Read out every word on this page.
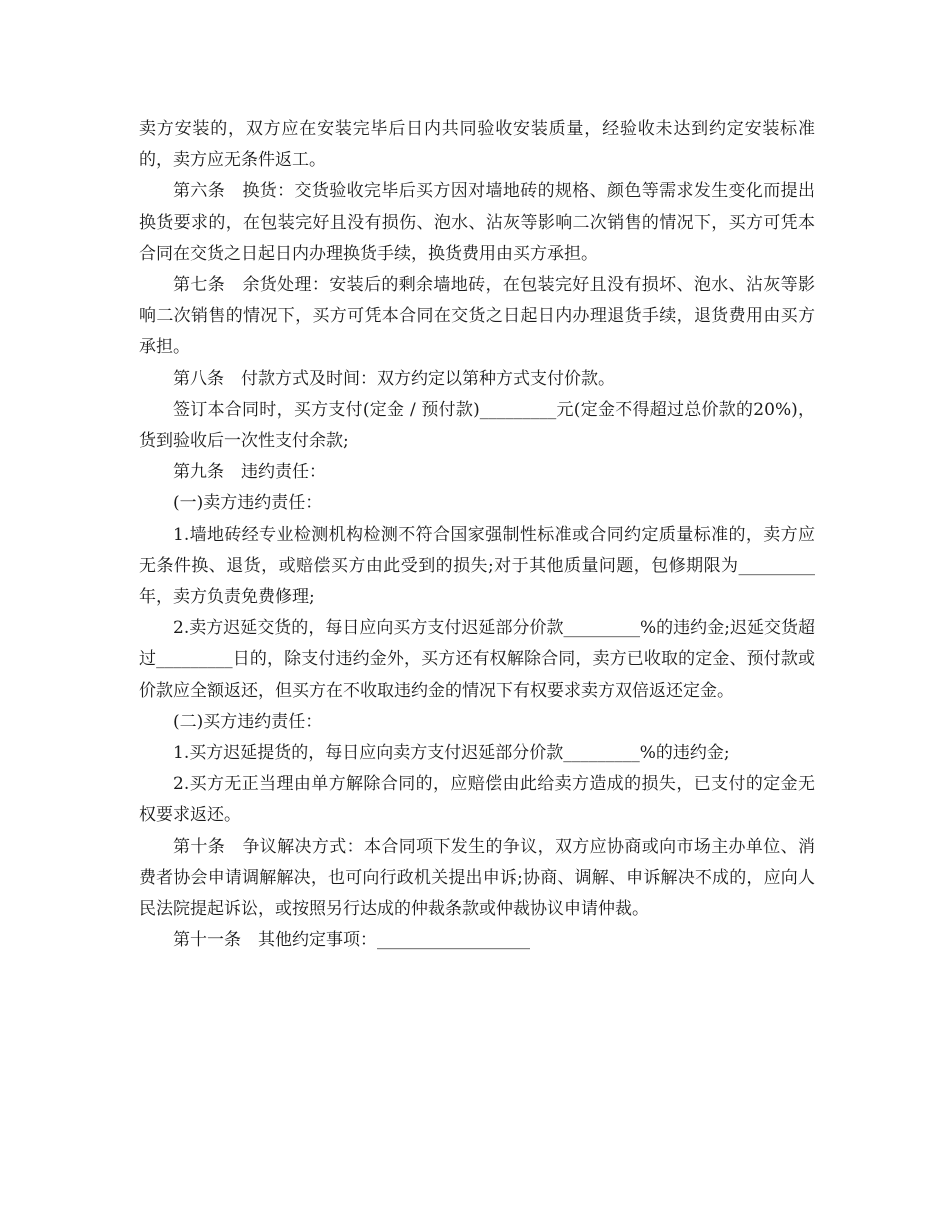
卖方安装的，双方应在安装完毕后日内共同验收安装质量，经验收未达到约定安装标准的，卖方应无条件返工。

第六条　换货：交货验收完毕后买方因对墙地砖的规格、颜色等需求发生变化而提出换货要求的，在包装完好且没有损伤、泡水、沾灰等影响二次销售的情况下，买方可凭本合同在交货之日起日内办理换货手续，换货费用由买方承担。

第七条　余货处理：安装后的剩余墙地砖，在包装完好且没有损坏、泡水、沾灰等影响二次销售的情况下，买方可凭本合同在交货之日起日内办理退货手续，退货费用由买方承担。

第八条　付款方式及时间：双方约定以第种方式支付价款。

签订本合同时，买方支付(定金 / 预付款)_________元(定金不得超过总价款的20%)，货到验收后一次性支付余款;

第九条　违约责任：

(一)卖方违约责任：

1.墙地砖经专业检测机构检测不符合国家强制性标准或合同约定质量标准的，卖方应无条件换、退货，或赔偿买方由此受到的损失;对于其他质量问题，包修期限为_________年，卖方负责免费修理;

2.卖方迟延交货的，每日应向买方支付迟延部分价款_________%的违约金;迟延交货超过_________日的，除支付违约金外，买方还有权解除合同，卖方已收取的定金、预付款或价款应全额返还，但买方在不收取违约金的情况下有权要求卖方双倍返还定金。

(二)买方违约责任：

1.买方迟延提货的，每日应向卖方支付迟延部分价款_________%的违约金;

2.买方无正当理由单方解除合同的，应赔偿由此给卖方造成的损失，已支付的定金无权要求返还。

第十条　争议解决方式：本合同项下发生的争议，双方应协商或向市场主办单位、消费者协会申请调解解决，也可向行政机关提出申诉;协商、调解、申诉解决不成的，应向人民法院提起诉讼，或按照另行达成的仲裁条款或仲裁协议申请仲裁。

第十一条　其他约定事项：__________________
